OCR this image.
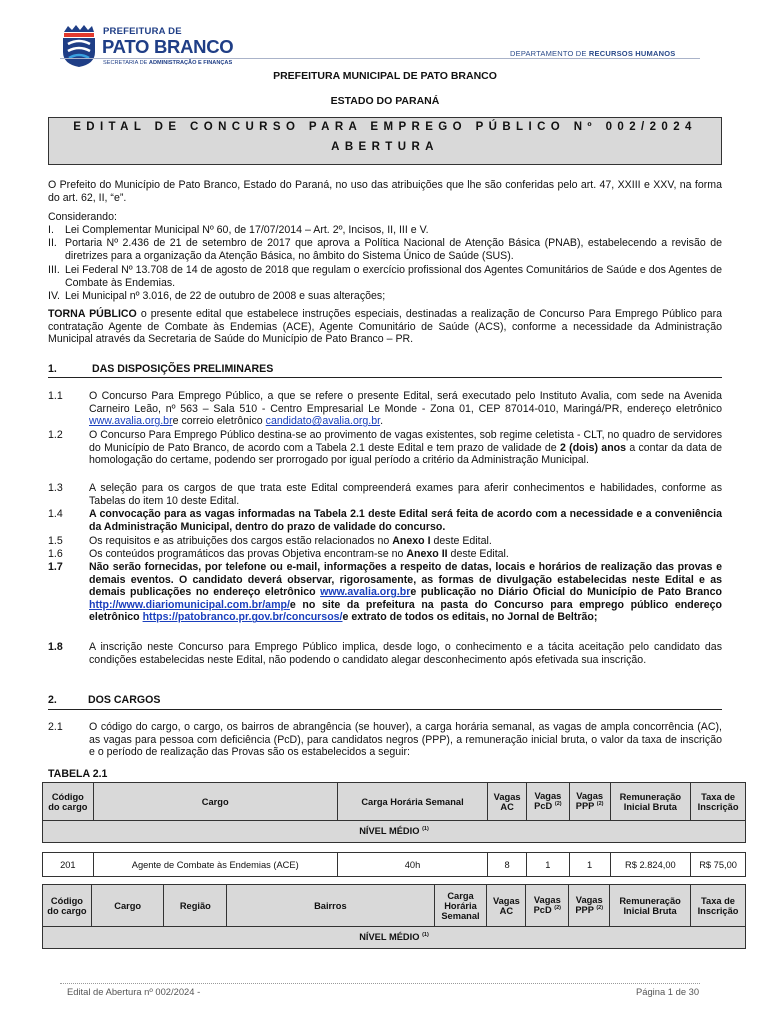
PREFEITURA DE
PATO BRANCO
SECRETARIA DE ADMINISTRAÇÃO E FINANÇAS
DEPARTAMENTO DE RECURSOS HUMANOS
PREFEITURA MUNICIPAL DE PATO BRANCO
ESTADO DO PARANÁ
EDITAL DE CONCURSO PARA EMPREGO PÚBLICO Nº 002/2024
ABERTURA
O Prefeito do Município de Pato Branco, Estado do Paraná, no uso das atribuições que lhe são conferidas pelo art. 47, XXIII e XXV, na forma do art. 62, II, “e”.
Considerando:
I. Lei Complementar Municipal Nº 60, de 17/07/2014 – Art. 2º, Incisos, II, III e V.
II. Portaria Nº 2.436 de 21 de setembro de 2017 que aprova a Política Nacional de Atenção Básica (PNAB), estabelecendo a revisão de diretrizes para a organização da Atenção Básica, no âmbito do Sistema Único de Saúde (SUS).
III. Lei Federal Nº 13.708 de 14 de agosto de 2018 que regulam o exercício profissional dos Agentes Comunitários de Saúde e dos Agentes de Combate às Endemias.
IV. Lei Municipal nº 3.016, de 22 de outubro de 2008 e suas alterações;
TORNA PÚBLICO o presente edital que estabelece instruções especiais, destinadas a realização de Concurso Para Emprego Público para contratação Agente de Combate às Endemias (ACE), Agente Comunitário de Saúde (ACS), conforme a necessidade da Administração Municipal através da Secretaria de Saúde do Município de Pato Branco – PR.
1.	DAS DISPOSIÇÕES PRELIMINARES
1.1 O Concurso Para Emprego Público, a que se refere o presente Edital, será executado pelo Instituto Avalia, com sede na Avenida Carneiro Leão, nº 563 – Sala 510 - Centro Empresarial Le Monde - Zona 01, CEP 87014-010, Maringá/PR, endereço eletrônico www.avalia.org.bre correio eletrônico candidato@avalia.org.br.
1.2 O Concurso Para Emprego Público destina-se ao provimento de vagas existentes, sob regime celetista - CLT, no quadro de servidores do Município de Pato Branco, de acordo com a Tabela 2.1 deste Edital e tem prazo de validade de 2 (dois) anos a contar da data de homologação do certame, podendo ser prorrogado por igual período a critério da Administração Municipal.
1.3 A seleção para os cargos de que trata este Edital compreenderá exames para aferir conhecimentos e habilidades, conforme as Tabelas do item 10 deste Edital.
1.4 A convocação para as vagas informadas na Tabela 2.1 deste Edital será feita de acordo com a necessidade e a conveniência da Administração Municipal, dentro do prazo de validade do concurso.
1.5 Os requisitos e as atribuições dos cargos estão relacionados no Anexo I deste Edital.
1.6 Os conteúdos programáticos das provas Objetiva encontram-se no Anexo II deste Edital.
1.7 Não serão fornecidas, por telefone ou e-mail, informações a respeito de datas, locais e horários de realização das provas e demais eventos. O candidato deverá observar, rigorosamente, as formas de divulgação estabelecidas neste Edital e as demais publicações no endereço eletrônico www.avalia.org.bre publicação no Diário Oficial do Município de Pato Branco http://www.diariomunicipal.com.br/amp/e no site da prefeitura na pasta do Concurso para emprego público endereço eletrônico https://patobranco.pr.gov.br/concursos/e extrato de todos os editais, no Jornal de Beltrão;
1.8 A inscrição neste Concurso para Emprego Público implica, desde logo, o conhecimento e a tácita aceitação pelo candidato das condições estabelecidas neste Edital, não podendo o candidato alegar desconhecimento após efetivada sua inscrição.
2.	DOS CARGOS
2.1 O código do cargo, o cargo, os bairros de abrangência (se houver), a carga horária semanal, as vagas de ampla concorrência (AC), as vagas para pessoa com deficiência (PcD), para candidatos negros (PPP), a remuneração inicial bruta, o valor da taxa de inscrição e o período de realização das Provas são os estabelecidos a seguir:
TABELA 2.1
Código do cargo	Cargo	Carga Horária Semanal	Vagas AC	Vagas PcD $^{(2)}$	Vagas PPP $^{(2)}$	Remuneração Inicial Bruta	Taxa de Inscrição
NÍVEL MÉDIO $^{(1)}$

201	Agente de Combate às Endemias (ACE)	40h	8	1	1	R$ 2.824,00	R$ 75,00
Código do cargo	Cargo	Região	Bairros	Carga Horária Semanal	Vagas AC	Vagas PcD $^{(2)}$	Vagas PPP $^{(2)}$	Remuneração Inicial Bruta	Taxa de Inscrição
NÍVEL MÉDIO $^{(1)}$
Edital de Abertura nº 002/2024 -	Página 1 de 30
